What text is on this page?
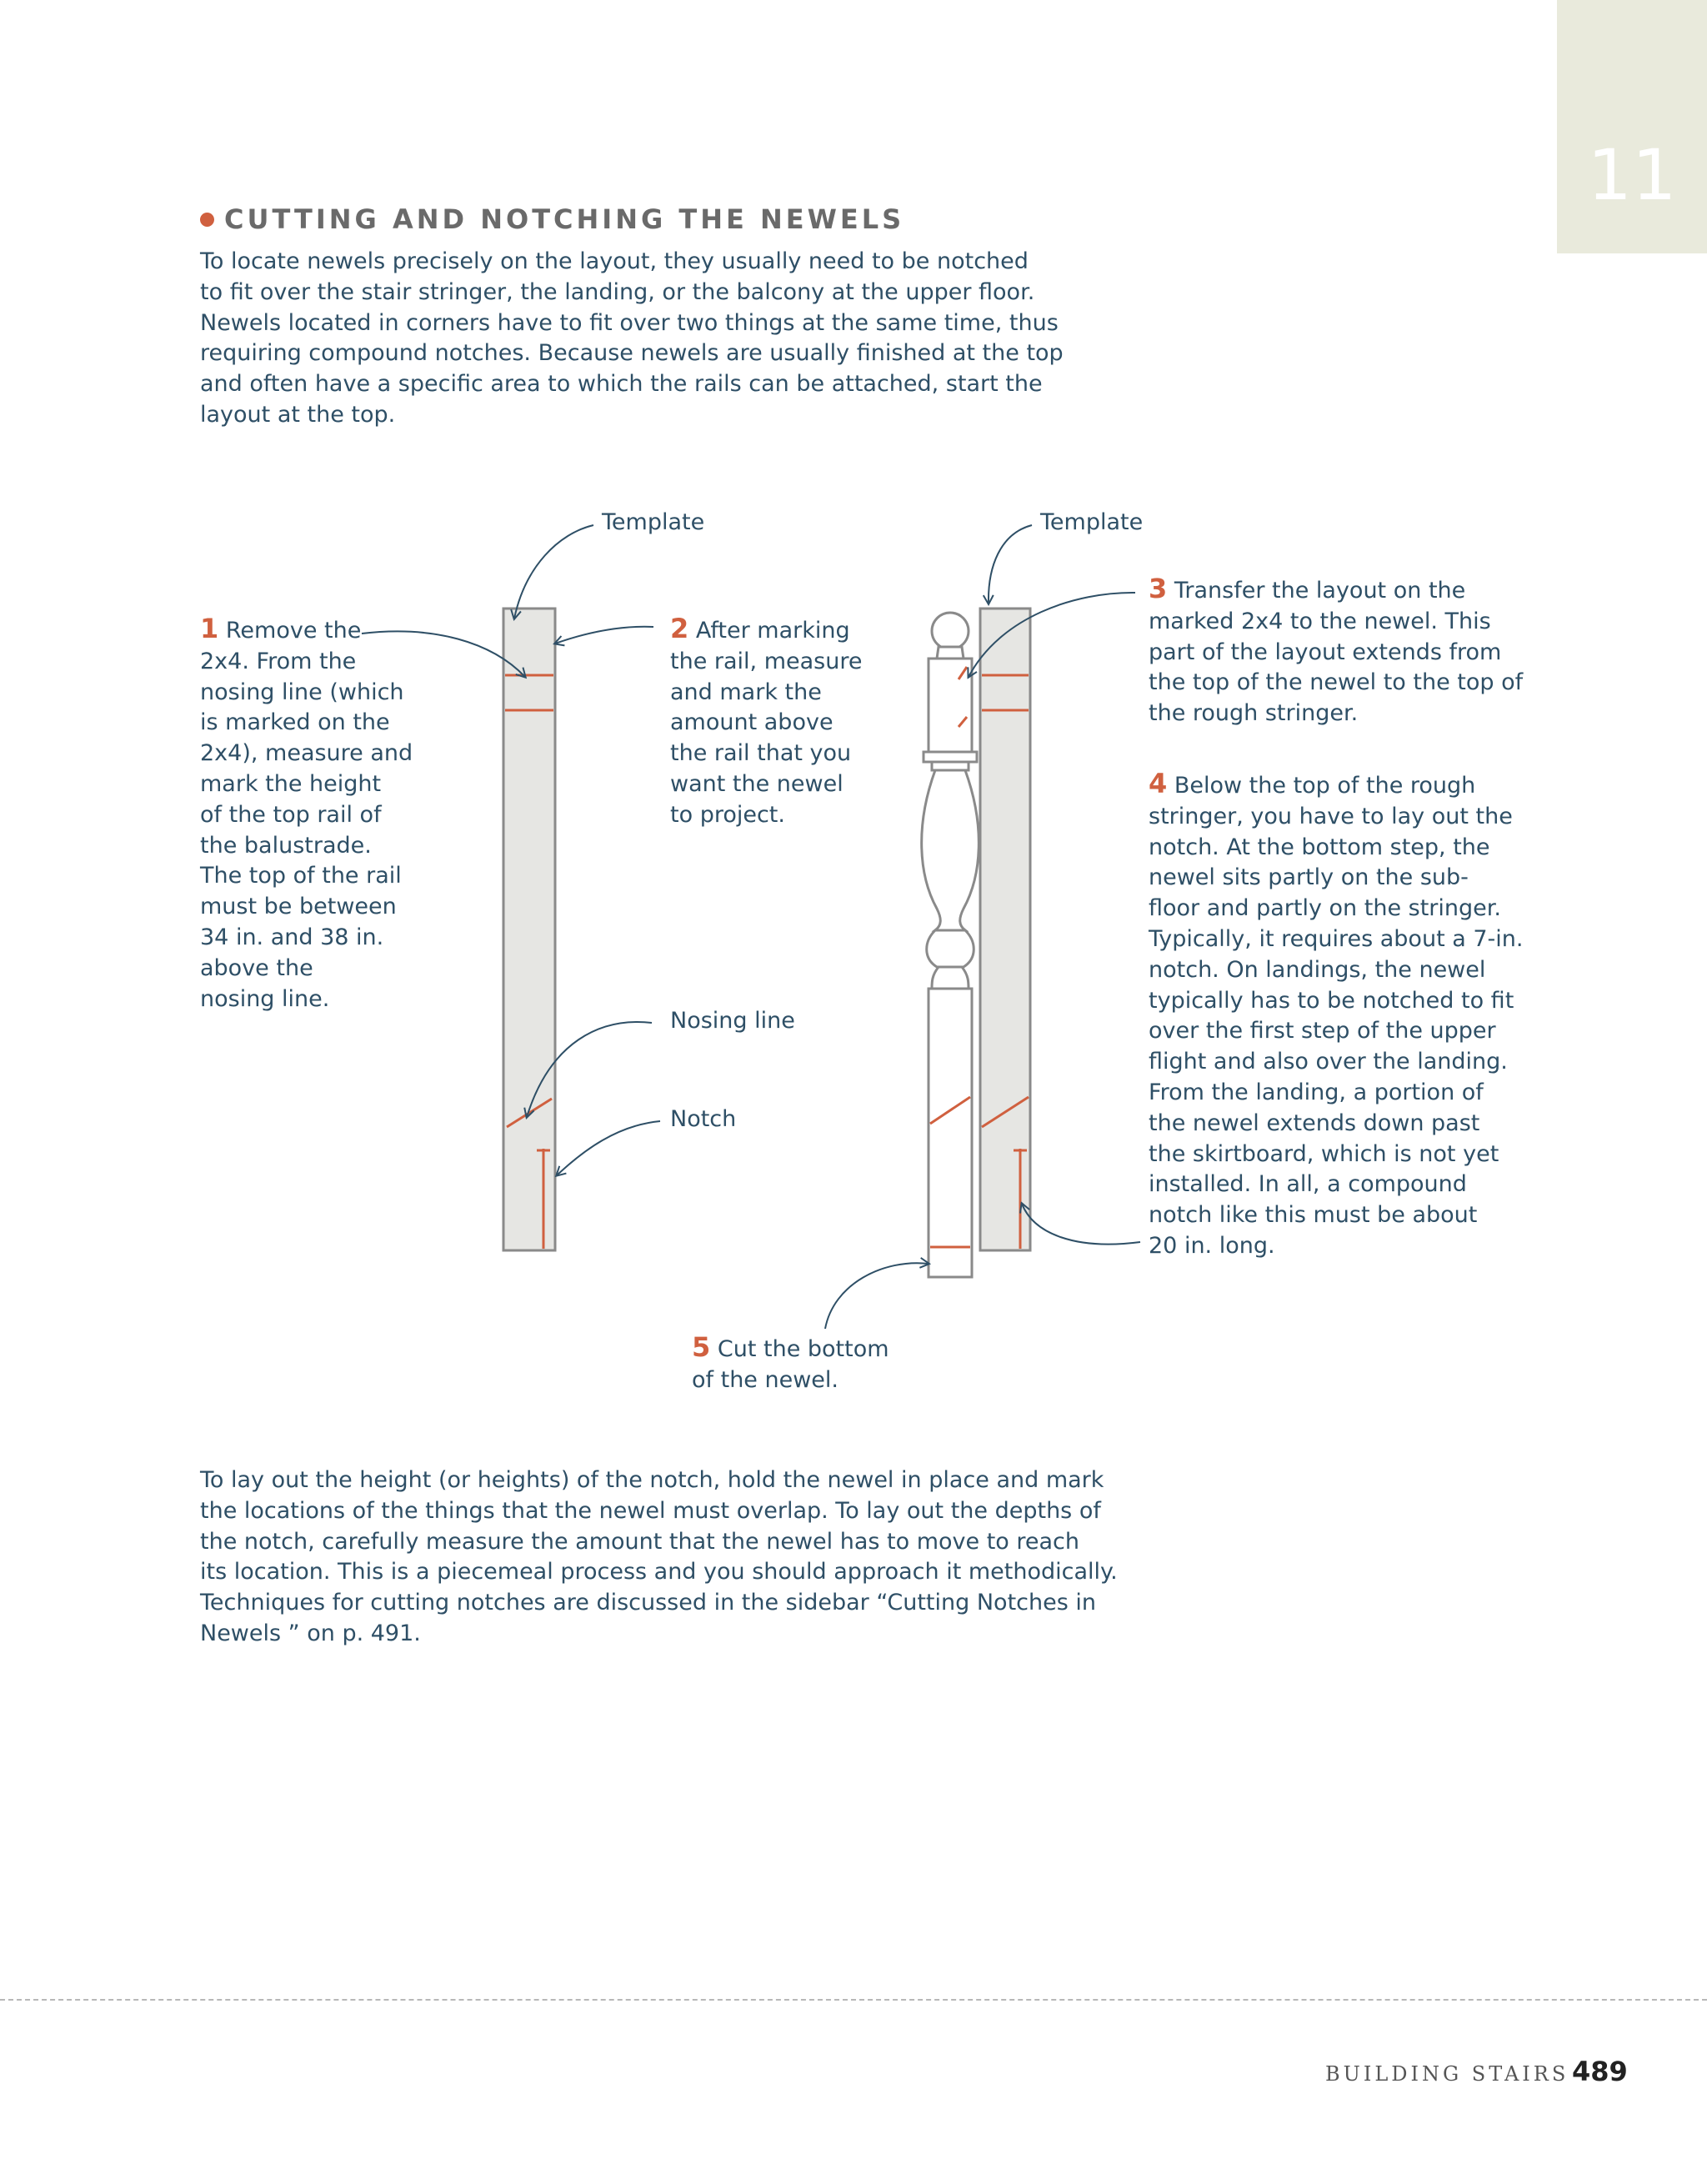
11
CUTTING AND NOTCHING THE NEWELS
To locate newels precisely on the layout, they usually need to be notched
to fit over the stair stringer, the landing, or the balcony at the upper floor.
Newels located in corners have to fit over two things at the same time, thus
requiring compound notches. Because newels are usually finished at the top
and often have a specific area to which the rails can be attached, start the
layout at the top.
Template	Template
Nosing line
Notch
1 Remove the
2x4. From the
nosing line (which
is marked on the
2x4), measure and
mark the height
of the top rail of
the balustrade.
The top of the rail
must be between
34 in. and 38 in.
above the
nosing line.
2 After marking
the rail, measure
and mark the
amount above
the rail that you
want the newel
to project.
3 Transfer the layout on the
marked 2x4 to the newel. This
part of the layout extends from
the top of the newel to the top of
the rough stringer.
4 Below the top of the rough
stringer, you have to lay out the
notch. At the bottom step, the
newel sits partly on the sub-
floor and partly on the stringer.
Typically, it requires about a 7-in.
notch. On landings, the newel
typically has to be notched to fit
over the first step of the upper
flight and also over the landing.
From the landing, a portion of
the newel extends down past
the skirtboard, which is not yet
installed. In all, a compound
notch like this must be about
20 in. long.
5 Cut the bottom
of the newel.
To lay out the height (or heights) of the notch, hold the newel in place and mark
the locations of the things that the newel must overlap. To lay out the depths of
the notch, carefully measure the amount that the newel has to move to reach
its location. This is a piecemeal process and you should approach it methodically.
Techniques for cutting notches are discussed in the sidebar “Cutting Notches in
Newels ” on p. 491.
BUILDING STAIRS 489
